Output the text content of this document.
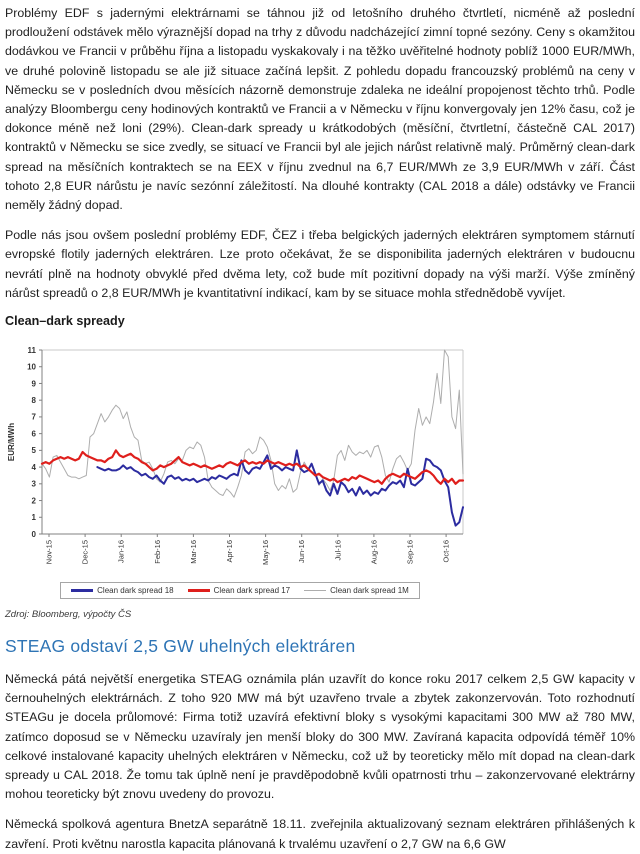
Problémy EDF s jadernými elektrárnami se táhnou již od letošního druhého čtvrtletí, nicméně až poslední prodloužení odstávek mělo výraznější dopad na trhy z důvodu nadcházející zimní topné sezóny. Ceny s okamžitou dodávkou ve Francii v průběhu října a listopadu vyskakovaly i na těžko uvěřitelné hodnoty poblíž 1000 EUR/MWh, ve druhé polovině listopadu se ale již situace začíná lepšit. Z pohledu dopadu francouzský problémů na ceny v Německu se v posledních dvou měsících názorně demonstruje zdaleka ne ideální propojenost těchto trhů. Podle analýzy Bloombergu ceny hodinových kontraktů ve Francii a v Německu v říjnu konvergovaly jen 12% času, což je dokonce méně než loni (29%). Clean-dark spready u krátkodobých (měsíční, čtvrtletní, částečně CAL 2017) kontraktů v Německu se sice zvedly, se situací ve Francii byl ale jejich nárůst relativně malý. Průměrný clean-dark spread na měsíčních kontraktech se na EEX v říjnu zvednul na 6,7 EUR/MWh ze 3,9 EUR/MWh v září. Část tohoto 2,8 EUR nárůstu je navíc sezónní záležitostí. Na dlouhé kontrakty (CAL 2018 a dále) odstávky ve Francii neměly žádný dopad.

Podle nás jsou ovšem poslední problémy EDF, ČEZ i třeba belgických jaderných elektráren symptomem stárnutí evropské flotily jaderných elektráren. Lze proto očekávat, že se disponibilita jaderných elektráren v budoucnu nevrátí plně na hodnoty obvyklé před dvěma lety, což bude mít pozitivní dopady na výši marží. Výše zmíněný nárůst spreadů o 2,8 EUR/MWh je kvantitativní indikací, kam by se situace mohla střednědobě vyvíjet.

Clean–dark spready
0
1
2
3
4
5
6
7
8
9
10
11
EUR/MWh
Nov-15	Dec-15	Jan-16	Feb-16	Mar-16	Apr-16	May-16	Jun-16	Jul-16	Aug-16	Sep-16	Oct-16
Clean dark spread 18	Clean dark spread 17	Clean dark spread 1M

Zdroj: Bloomberg, výpočty ČS

STEAG odstaví 2,5 GW uhelných elektráren

Německá pátá největší energetika STEAG oznámila plán uzavřít do konce roku 2017 celkem 2,5 GW kapacity v černouhelných elektrárnách. Z toho 920 MW má být uzavřeno trvale a zbytek zakonzervován. Toto rozhodnutí STEAGu je docela průlomové: Firma totiž uzavírá efektivní bloky s vysokými kapacitami 300 MW až 780 MW, zatímco doposud se v Německu uzavíraly jen menší bloky do 300 MW. Zavíraná kapacita odpovídá téměř 10% celkové instalované kapacity uhelných elektráren v Německu, což už by teoreticky mělo mít dopad na clean-dark spready u CAL 2018. Že tomu tak úplně není je pravděpodobně kvůli opatrnosti trhu – zakonzervované elektrárny mohou teoreticky být znovu uvedeny do provozu.

Německá spolková agentura BnetzA separátně 18.11. zveřejnila aktualizovaný seznam elektráren přihlášených k zavření. Proti květnu narostla kapacita plánovaná k trvalému uzavření o 2,7 GW na 6,6 GW
